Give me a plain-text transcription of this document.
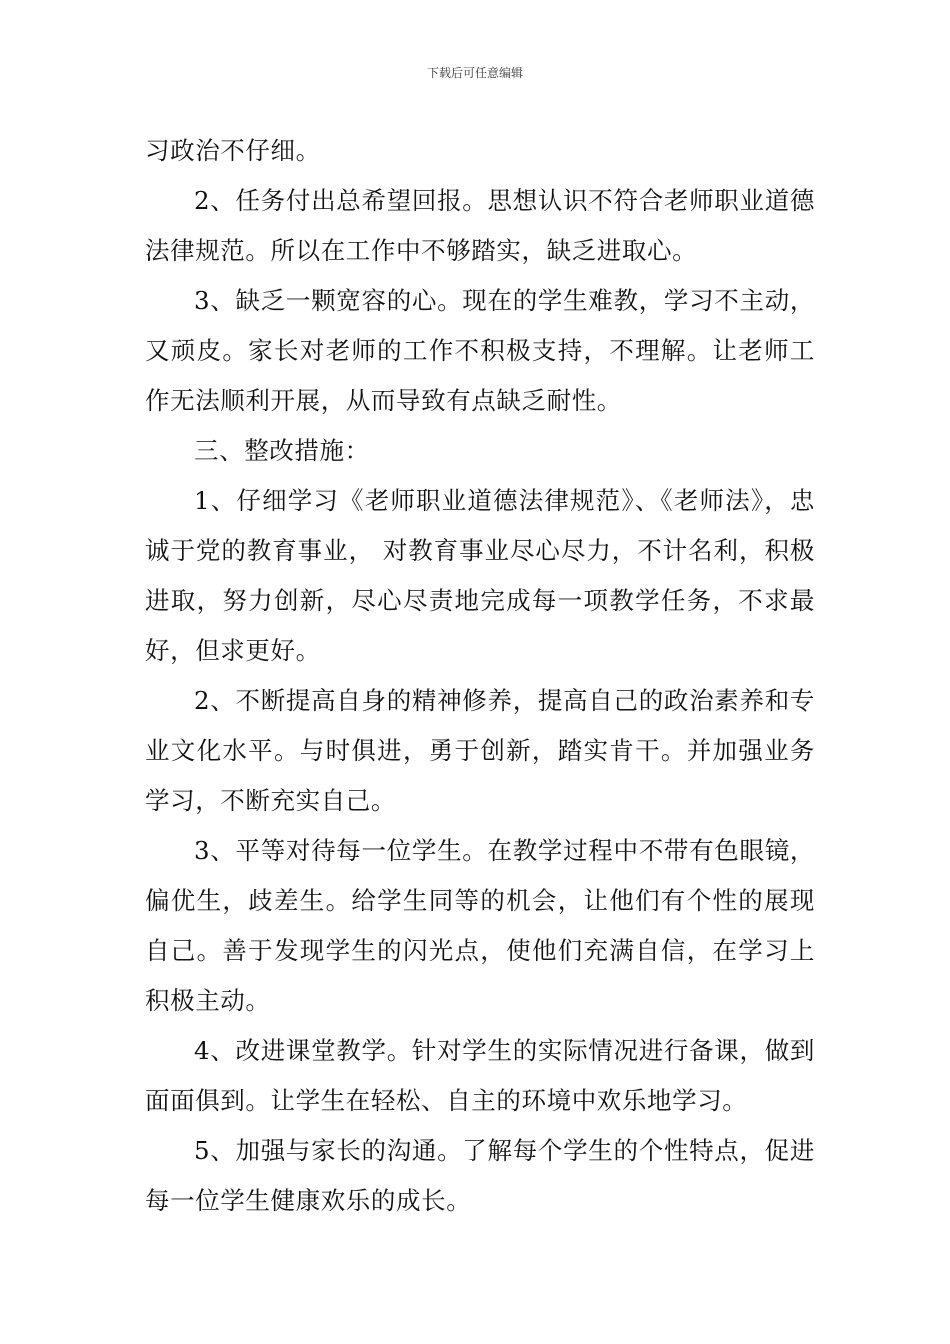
下载后可任意编辑

习政治不仔细。

2、任务付出总希望回报。思想认识不符合老师职业道德法律规范。所以在工作中不够踏实，缺乏进取心。

3、缺乏一颗宽容的心。现在的学生难教，学习不主动，又顽皮。家长对老师的工作不积极支持，不理解。让老师工作无法顺利开展，从而导致有点缺乏耐性。

三、整改措施：

1、仔细学习《老师职业道德法律规范》、《老师法》，忠诚于党的教育事业， 对教育事业尽心尽力，不计名利，积极进取，努力创新，尽心尽责地完成每一项教学任务，不求最好，但求更好。

2、不断提高自身的精神修养，提高自己的政治素养和专业文化水平。与时俱进，勇于创新，踏实肯干。并加强业务学习，不断充实自己。

3、平等对待每一位学生。在教学过程中不带有色眼镜，偏优生，歧差生。给学生同等的机会，让他们有个性的展现自己。善于发现学生的闪光点，使他们充满自信，在学习上积极主动。

4、改进课堂教学。针对学生的实际情况进行备课，做到面面俱到。让学生在轻松、自主的环境中欢乐地学习。

5、加强与家长的沟通。了解每个学生的个性特点，促进每一位学生健康欢乐的成长。
